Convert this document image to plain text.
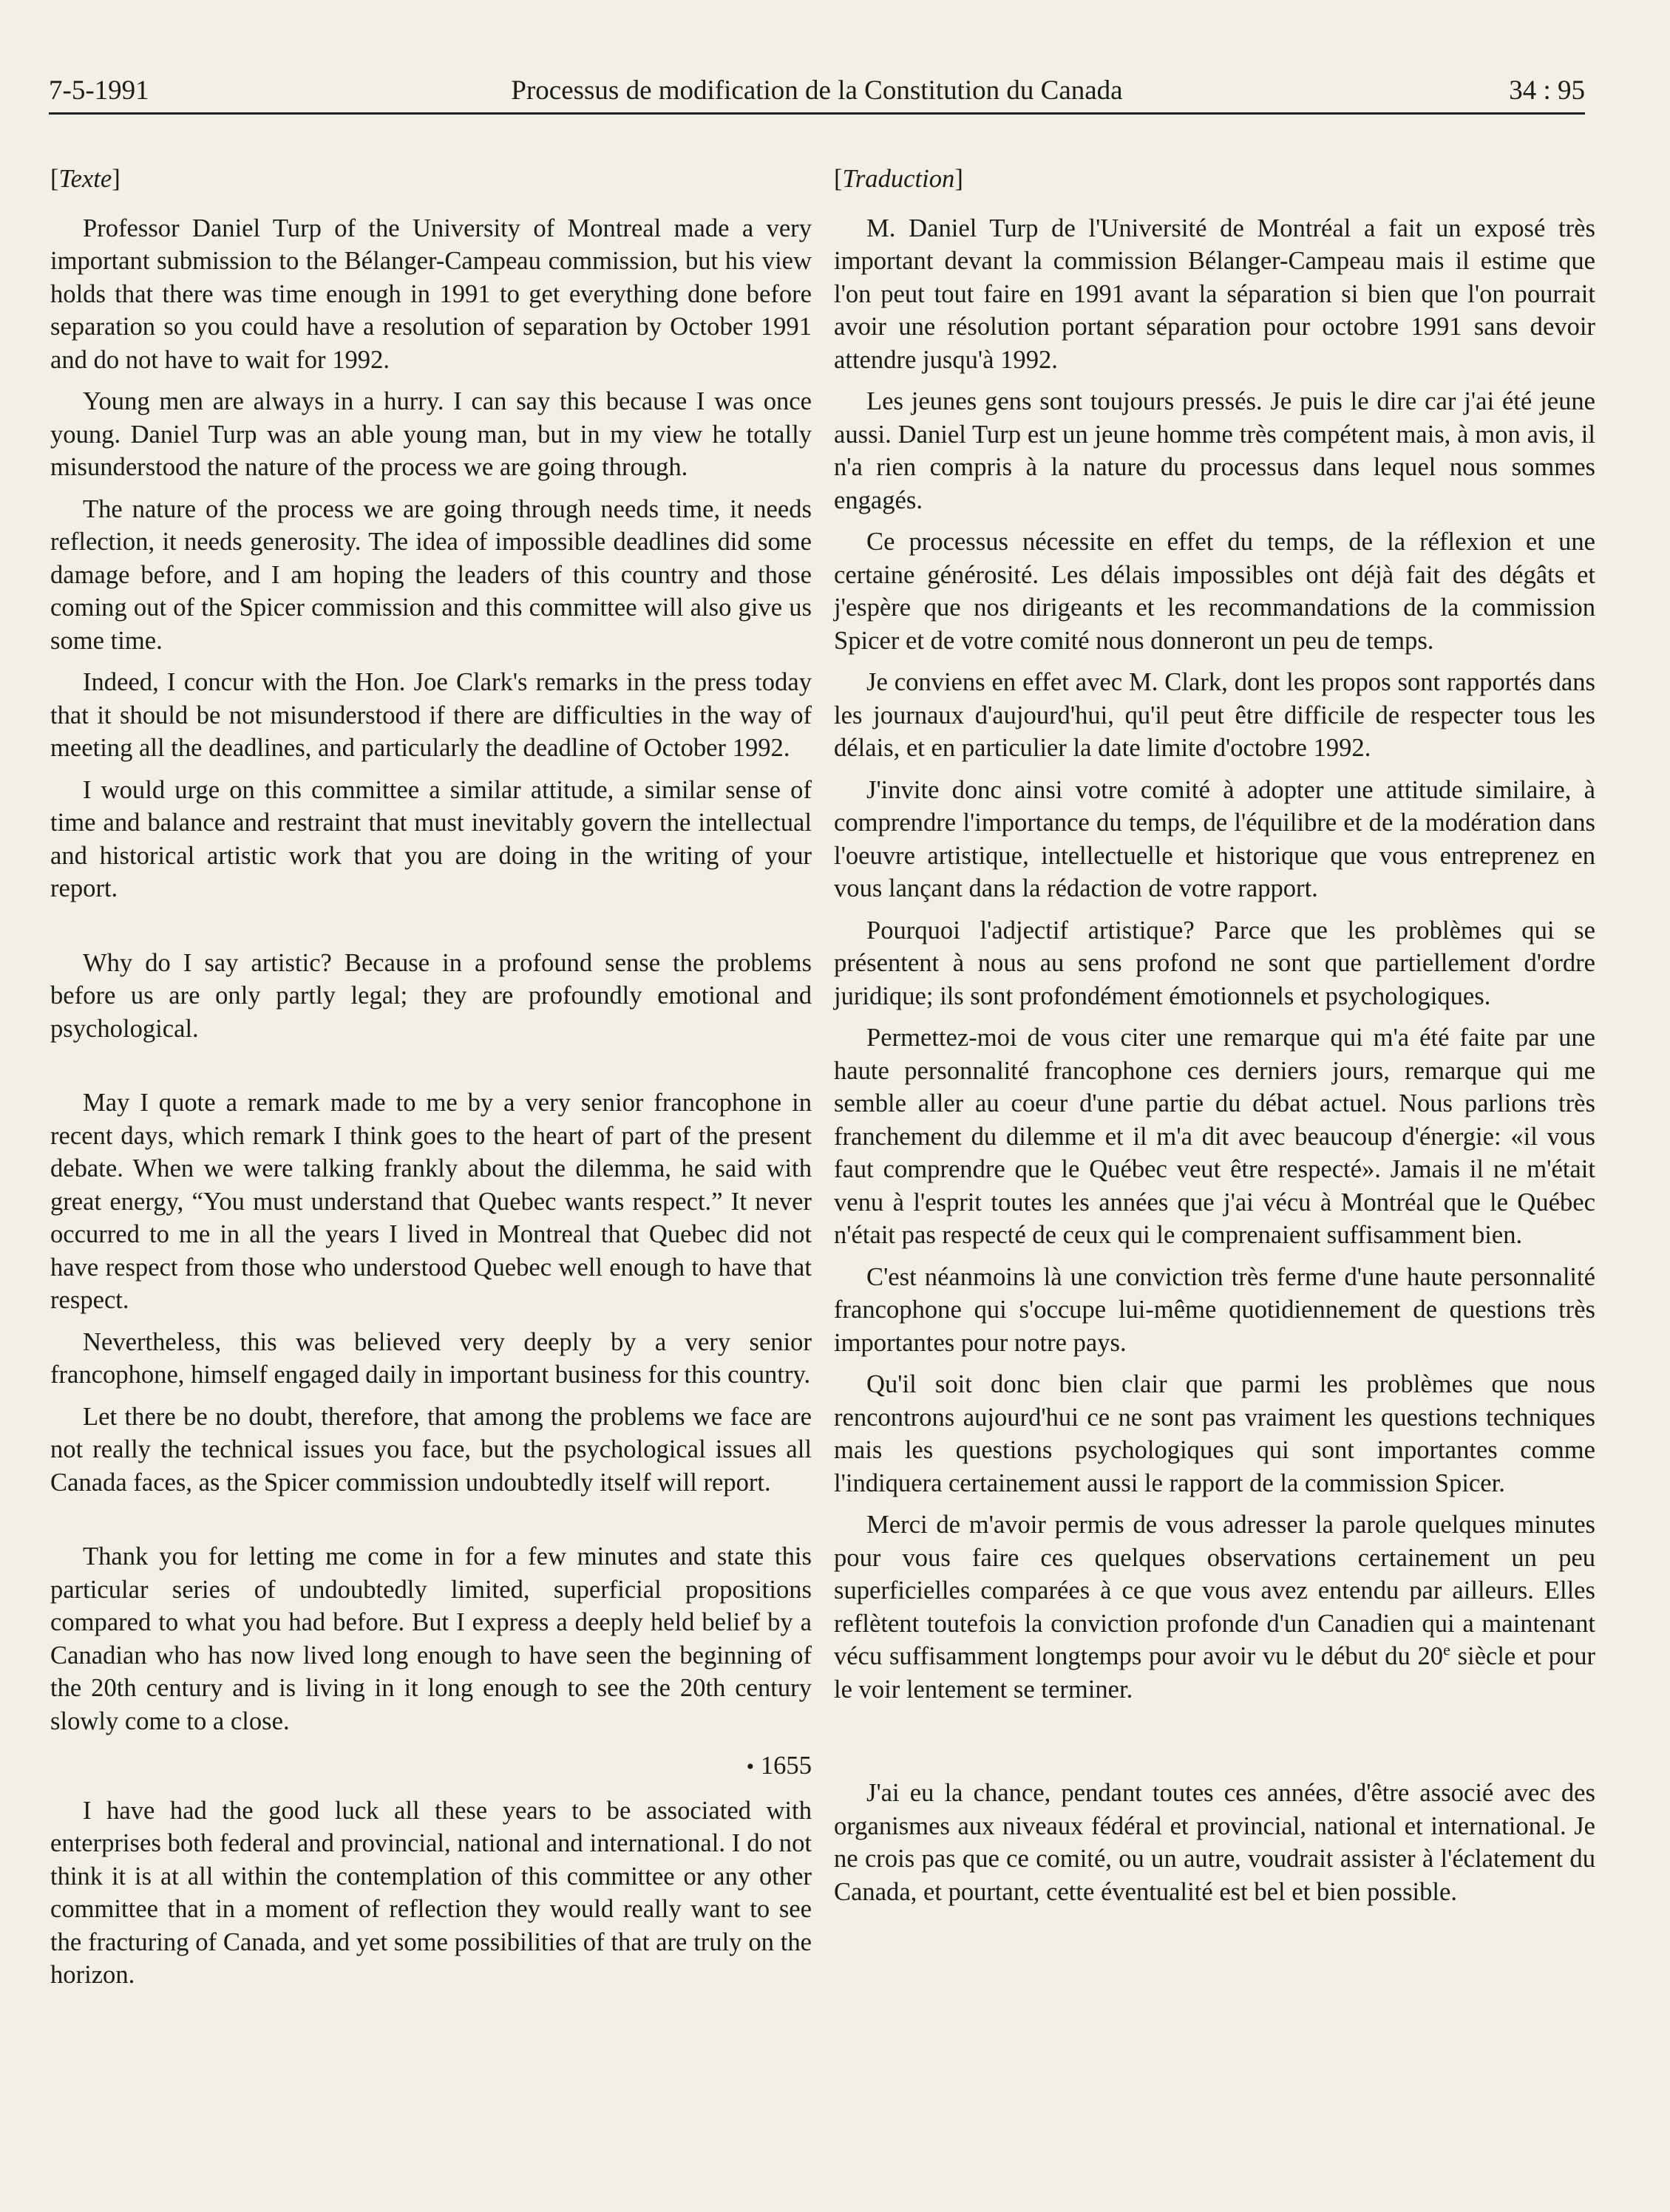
7-5-1991	Processus de modification de la Constitution du Canada	34 : 95
[Texte]

Professor Daniel Turp of the University of Montreal made a very important submission to the Bélanger-Campeau commission, but his view holds that there was time enough in 1991 to get everything done before separation so you could have a resolution of separation by October 1991 and do not have to wait for 1992.

Young men are always in a hurry. I can say this because I was once young. Daniel Turp was an able young man, but in my view he totally misunderstood the nature of the process we are going through.

The nature of the process we are going through needs time, it needs reflection, it needs generosity. The idea of impossible deadlines did some damage before, and I am hoping the leaders of this country and those coming out of the Spicer commission and this committee will also give us some time.

Indeed, I concur with the Hon. Joe Clark's remarks in the press today that it should be not misunderstood if there are difficulties in the way of meeting all the deadlines, and particularly the deadline of October 1992.

I would urge on this committee a similar attitude, a similar sense of time and balance and restraint that must inevitably govern the intellectual and historical artistic work that you are doing in the writing of your report.

Why do I say artistic? Because in a profound sense the problems before us are only partly legal; they are profoundly emotional and psychological.

May I quote a remark made to me by a very senior francophone in recent days, which remark I think goes to the heart of part of the present debate. When we were talking frankly about the dilemma, he said with great energy, “You must understand that Quebec wants respect.” It never occurred to me in all the years I lived in Montreal that Quebec did not have respect from those who understood Quebec well enough to have that respect.

Nevertheless, this was believed very deeply by a very senior francophone, himself engaged daily in important business for this country.

Let there be no doubt, therefore, that among the problems we face are not really the technical issues you face, but the psychological issues all Canada faces, as the Spicer commission undoubtedly itself will report.

Thank you for letting me come in for a few minutes and state this particular series of undoubtedly limited, superficial propositions compared to what you had before. But I express a deeply held belief by a Canadian who has now lived long enough to have seen the beginning of the 20th century and is living in it long enough to see the 20th century slowly come to a close.

• 1655

I have had the good luck all these years to be associated with enterprises both federal and provincial, national and international. I do not think it is at all within the contemplation of this committee or any other committee that in a moment of reflection they would really want to see the fracturing of Canada, and yet some possibilities of that are truly on the horizon.

[Traduction]

M. Daniel Turp de l'Université de Montréal a fait un exposé très important devant la commission Bélanger-Campeau mais il estime que l'on peut tout faire en 1991 avant la séparation si bien que l'on pourrait avoir une résolution portant séparation pour octobre 1991 sans devoir attendre jusqu'à 1992.

Les jeunes gens sont toujours pressés. Je puis le dire car j'ai été jeune aussi. Daniel Turp est un jeune homme très compétent mais, à mon avis, il n'a rien compris à la nature du processus dans lequel nous sommes engagés.

Ce processus nécessite en effet du temps, de la réflexion et une certaine générosité. Les délais impossibles ont déjà fait des dégâts et j'espère que nos dirigeants et les recommandations de la commission Spicer et de votre comité nous donneront un peu de temps.

Je conviens en effet avec M. Clark, dont les propos sont rapportés dans les journaux d'aujourd'hui, qu'il peut être difficile de respecter tous les délais, et en particulier la date limite d'octobre 1992.

J'invite donc ainsi votre comité à adopter une attitude similaire, à comprendre l'importance du temps, de l'équilibre et de la modération dans l'oeuvre artistique, intellectuelle et historique que vous entreprenez en vous lançant dans la rédaction de votre rapport.

Pourquoi l'adjectif artistique? Parce que les problèmes qui se présentent à nous au sens profond ne sont que partiellement d'ordre juridique; ils sont profondément émotionnels et psychologiques.

Permettez-moi de vous citer une remarque qui m'a été faite par une haute personnalité francophone ces derniers jours, remarque qui me semble aller au coeur d'une partie du débat actuel. Nous parlions très franchement du dilemme et il m'a dit avec beaucoup d'énergie: «il vous faut comprendre que le Québec veut être respecté». Jamais il ne m'était venu à l'esprit toutes les années que j'ai vécu à Montréal que le Québec n'était pas respecté de ceux qui le comprenaient suffisamment bien.

C'est néanmoins là une conviction très ferme d'une haute personnalité francophone qui s'occupe lui-même quotidiennement de questions très importantes pour notre pays.

Qu'il soit donc bien clair que parmi les problèmes que nous rencontrons aujourd'hui ce ne sont pas vraiment les questions techniques mais les questions psychologiques qui sont importantes comme l'indiquera certainement aussi le rapport de la commission Spicer.

Merci de m'avoir permis de vous adresser la parole quelques minutes pour vous faire ces quelques observations certainement un peu superficielles comparées à ce que vous avez entendu par ailleurs. Elles reflètent toutefois la conviction profonde d'un Canadien qui a maintenant vécu suffisamment longtemps pour avoir vu le début du 20e siècle et pour le voir lentement se terminer.

J'ai eu la chance, pendant toutes ces années, d'être associé avec des organismes aux niveaux fédéral et provincial, national et international. Je ne crois pas que ce comité, ou un autre, voudrait assister à l'éclatement du Canada, et pourtant, cette éventualité est bel et bien possible.
